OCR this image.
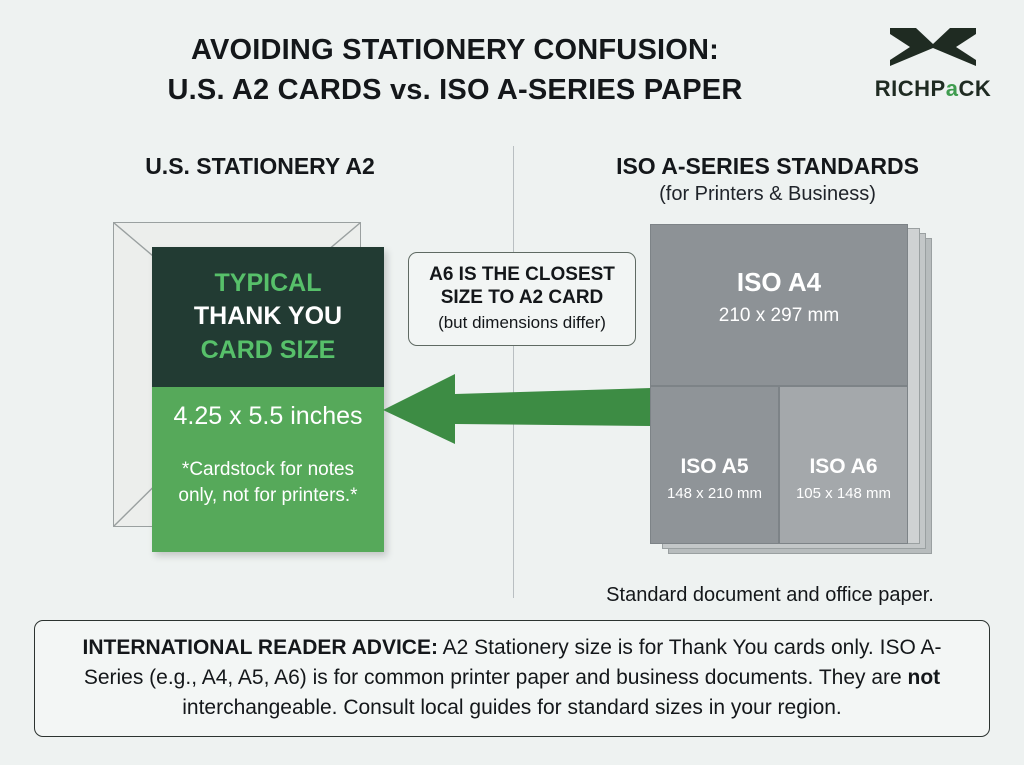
AVOIDING STATIONERY CONFUSION:
U.S. A2 CARDS vs. ISO A-SERIES PAPER	RICHPaCK
U.S. STATIONERY A2	ISO A-SERIES STANDARDS
(for Printers & Business)
TYPICAL
THANK YOU
CARD SIZE
4.25 x 5.5 inches
*Cardstock for notes
only, not for printers.*
A6 IS THE CLOSEST
SIZE TO A2 CARD
(but dimensions differ)
ISO A4
210 x 297 mm
ISO A5
148 x 210 mm
ISO A6
105 x 148 mm
Standard document and office paper.
INTERNATIONAL READER ADVICE: A2 Stationery size is for Thank You cards only. ISO A-Series (e.g., A4, A5, A6) is for common printer paper and business documents. They are not interchangeable. Consult local guides for standard sizes in your region.
